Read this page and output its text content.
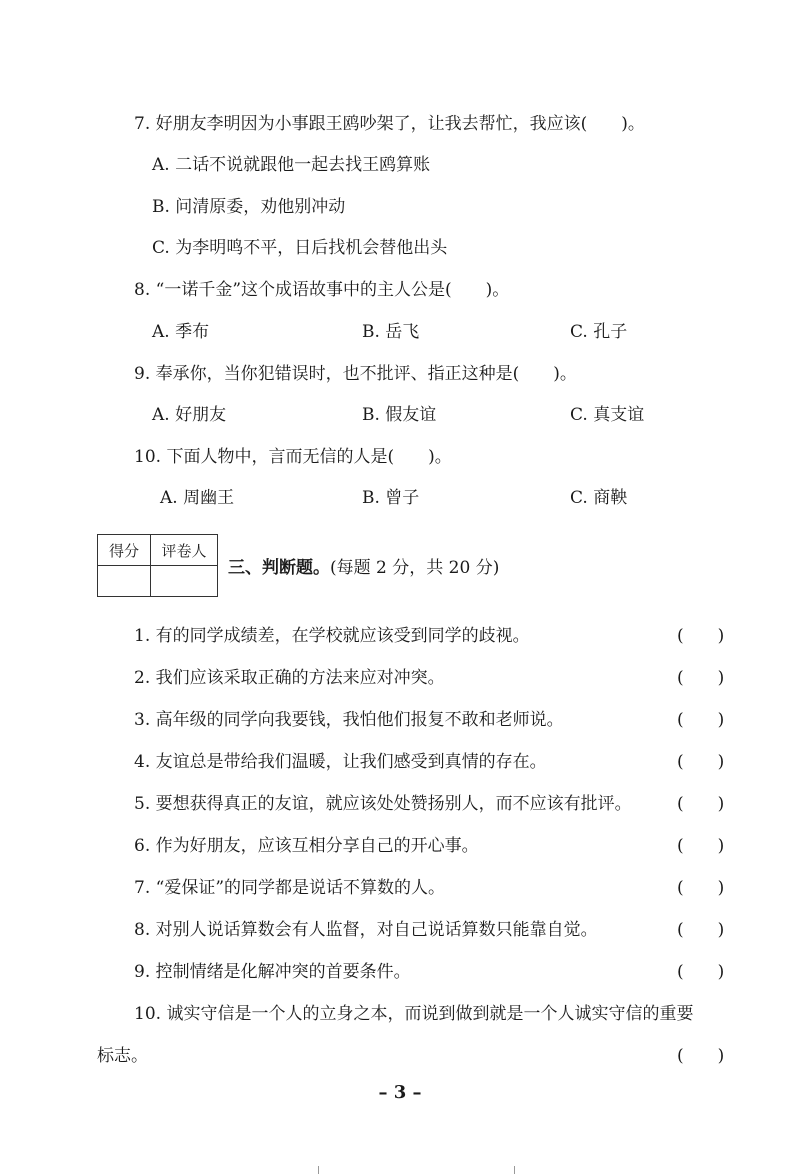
7. 好朋友李明因为小事跟王鸥吵架了，让我去帮忙，我应该(　　)。
A. 二话不说就跟他一起去找王鸥算账
B. 问清原委，劝他别冲动
C. 为李明鸣不平，日后找机会替他出头
8. “一诺千金”这个成语故事中的主人公是(　　)。
A. 季布	B. 岳飞	C. 孔子
9. 奉承你，当你犯错误时，也不批评、指正这种是(　　)。
A. 好朋友	B. 假友谊	C. 真支谊
10. 下面人物中，言而无信的人是(　　)。
A. 周幽王	B. 曾子	C. 商鞅
得分	评卷人

三、判断题。(每题 2 分，共 20 分)
1. 有的同学成绩差，在学校就应该受到同学的歧视。	(　　)
2. 我们应该采取正确的方法来应对冲突。	(　　)
3. 高年级的同学向我要钱，我怕他们报复不敢和老师说。	(　　)
4. 友谊总是带给我们温暖，让我们感受到真情的存在。	(　　)
5. 要想获得真正的友谊，就应该处处赞扬别人，而不应该有批评。	(　　)
6. 作为好朋友，应该互相分享自己的开心事。	(　　)
7. “爱保证”的同学都是说话不算数的人。	(　　)
8. 对别人说话算数会有人监督，对自己说话算数只能靠自觉。	(　　)
9. 控制情绪是化解冲突的首要条件。	(　　)
10. 诚实守信是一个人的立身之本，而说到做到就是一个人诚实守信的重要
标志。	(　　)
– 3 –
